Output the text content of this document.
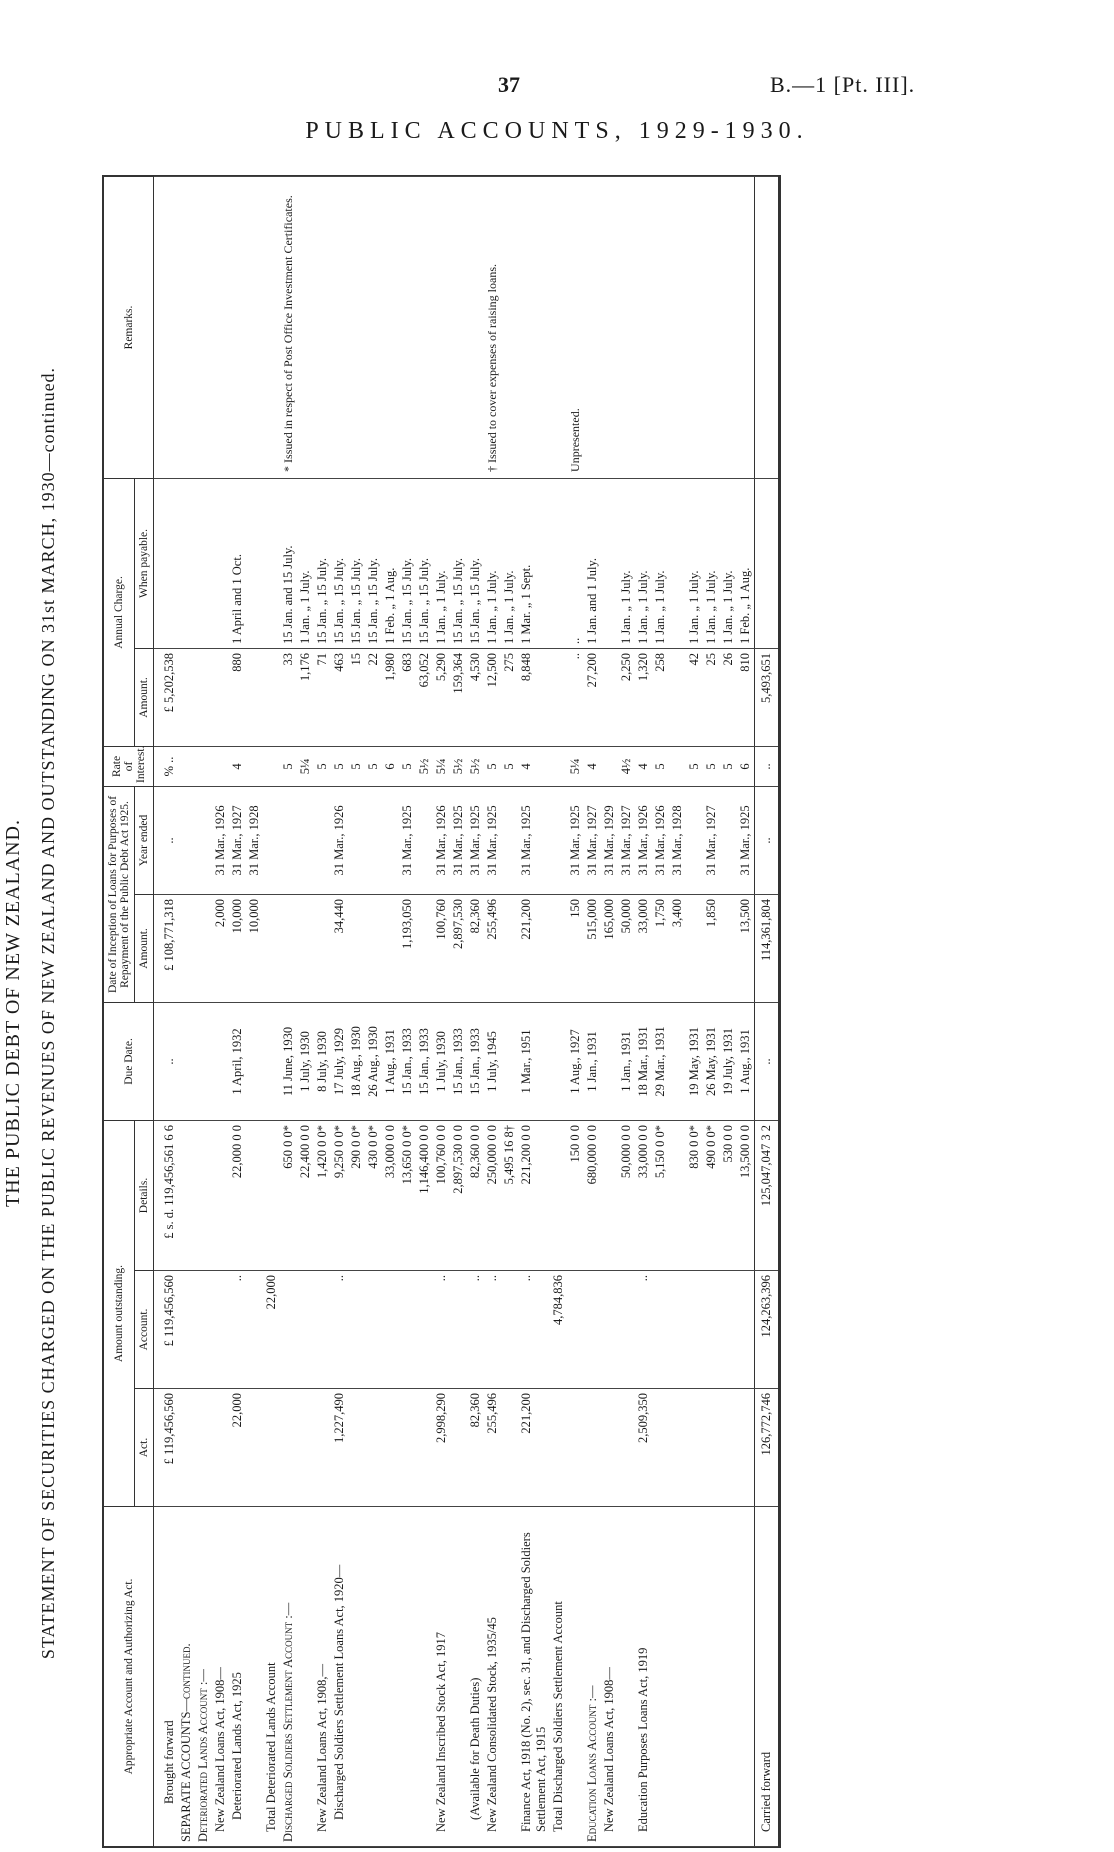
37	B.—1 [Pt. III].
PUBLIC ACCOUNTS, 1929-1930.
THE PUBLIC DEBT OF NEW ZEALAND. STATEMENT OF SECURITIES CHARGED ON THE PUBLIC REVENUES OF NEW ZEALAND AND OUTSTANDING ON 31st MARCH, 1930—continued.
Appropriate Account and Authorizing Act.	Amount outstanding.			Due Date.	Date of Inception of Loans for Purposes of Repayment of the Public Debt Act 1925.		Rate of Interest.	Annual Charge.		Remarks.
	Act.	Account.	Details.		Amount.	Year ended		Amount.	When payable.	
Brought forward	£ 119,456,560	£ 119,456,560	£ s. d. 119,456,561 6 6	..	£ 108,771,318	..	% ..	£ 5,202,538		
SEPARATE ACCOUNTS—continued.										
Deteriorated Lands Account :—										
New Zealand Loans Act, 1908—					2,000	31 Mar., 1926				
Deteriorated Lands Act, 1925	22,000	..	22,000 0 0	1 April, 1932	10,000	31 Mar., 1927	4	880	1 April and 1 Oct.	
					10,000	31 Mar., 1928				
Total Deteriorated Lands Account		22,000								
Discharged Soldiers Settlement Account :—			650 0 0*	11 June, 1930			5	33	15 Jan. and 15 July.	* Issued in respect of Post Office Investment Certificates.

			22,400 0 0	1 July, 1930			5¼	1,176	1 Jan. „ 1 July.	
New Zealand Loans Act, 1908,—			1,420 0 0*	8 July, 1930			5	71	15 Jan. „ 15 July.	
Discharged Soldiers Settlement Loans Act, 1920—	1,227,490	..	9,250 0 0*	17 July, 1929	34,440	31 Mar., 1926	5	463	15 Jan. „ 15 July.	
			290 0 0*	18 Aug., 1930			5	15	15 Jan. „ 15 July.	
			430 0 0*	26 Aug., 1930			5	22	15 Jan. „ 15 July.	
			33,000 0 0	1 Aug., 1931			6	1,980	1 Feb. „ 1 Aug.	
			13,650 0 0*	15 Jan., 1933	1,193,050	31 Mar., 1925	5	683	15 Jan. „ 15 July.	
			1,146,400 0 0	15 Jan., 1933			5½	63,052	15 Jan. „ 15 July.	
New Zealand Inscribed Stock Act, 1917	2,998,290	..	100,760 0 0	1 July, 1930	100,760	31 Mar., 1926	5¼	5,290	1 Jan. „ 1 July.	
			2,897,530 0 0	15 Jan., 1933	2,897,530	31 Mar., 1925	5½	159,364	15 Jan. „ 15 July.	
(Available for Death Duties)	82,360	..	82,360 0 0	15 Jan., 1933	82,360	31 Mar., 1925	5½	4,530	15 Jan. „ 15 July.	
New Zealand Consolidated Stock, 1935/45	255,496	..	250,000 0 0	1 July, 1945	255,496	31 Mar., 1925	5	12,500	1 Jan. „ 1 July.	† Issued to cover expenses of raising loans.

			5,495 16 8†				5	275	1 Jan. „ 1 July.	
Finance Act, 1918 (No. 2), sec. 31, and Discharged Soldiers Settlement Act, 1915	221,200	..	221,200 0 0	1 Mar., 1951	221,200	31 Mar., 1925	4	8,848	1 Mar. „ 1 Sept.	
Total Discharged Soldiers Settlement Account		4,784,836								
			150 0 0	1 Aug., 1927	150	31 Mar., 1925	5¼	..	..	Unpresented.

Education Loans Account :—			680,000 0 0	1 Jan., 1931	515,000	31 Mar., 1927	4	27,200	1 Jan. and 1 July.	
New Zealand Loans Act, 1908—					165,000	31 Mar., 1929				
			50,000 0 0	1 Jan., 1931	50,000	31 Mar., 1927	4½	2,250	1 Jan. „ 1 July.	
Education Purposes Loans Act, 1919	2,509,350	..	33,000 0 0	18 Mar., 1931	33,000	31 Mar., 1926	4	1,320	1 Jan. „ 1 July.	
			5,150 0 0*	29 Mar., 1931	1,750	31 Mar., 1926	5	258	1 Jan. „ 1 July.	
					3,400	31 Mar., 1928				
			830 0 0*	19 May, 1931			5	42	1 Jan. „ 1 July.	
			490 0 0*	26 May, 1931	1,850	31 Mar., 1927	5	25	1 Jan. „ 1 July.	
			530 0 0	19 July, 1931			5	26	1 Jan. „ 1 July.	
			13,500 0 0	1 Aug., 1931	13,500	31 Mar., 1925	6	810	1 Feb. „ 1 Aug.	
Carried forward	126,772,746	124,263,396	125,047,047 3 2	..	114,361,804	..	..	5,493,651		
